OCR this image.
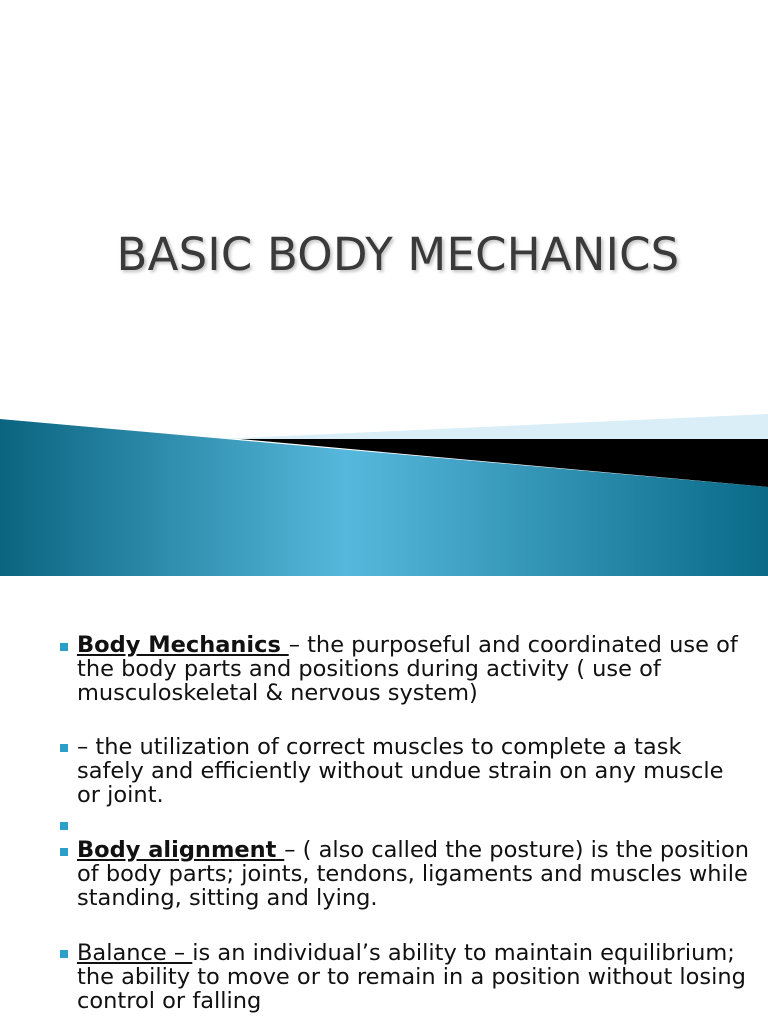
BASIC BODY MECHANICS

Body Mechanics – the purposeful and coordinated use of the body parts and positions during activity ( use of musculoskeletal & nervous system)

– the utilization of correct muscles to complete a task safely and efficiently without undue strain on any muscle or joint.

Body alignment – ( also called the posture) is the position of body parts; joints, tendons, ligaments and muscles while standing, sitting and lying.

Balance – is an individual’s ability to maintain equilibrium; the ability to move or to remain in a position without losing control or falling
